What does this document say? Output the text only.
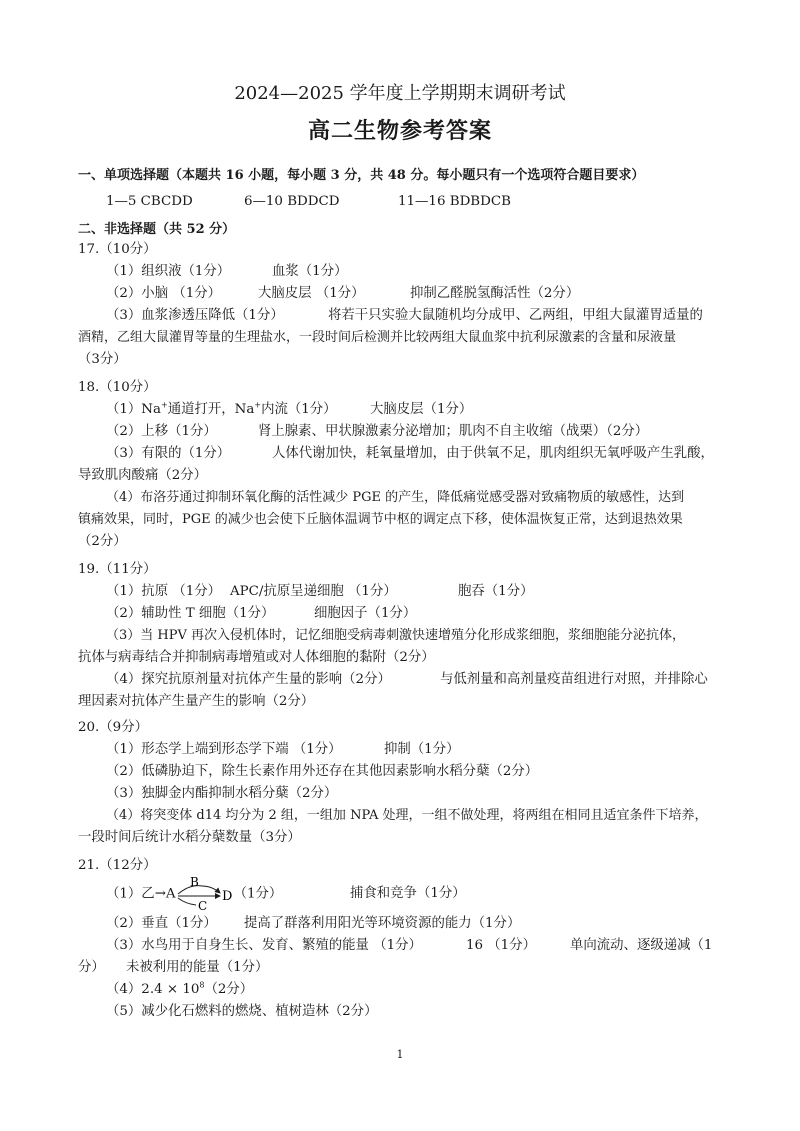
2024—2025 学年度上学期期末调研考试
高二生物参考答案
一、单项选择题（本题共 16 小题，每小题 3 分，共 48 分。每小题只有一个选项符合题目要求）
1—5 CBCDD	6—10 BDDCD	11—16 BDBDCB
二、非选择题（共 52 分）
17.（10分）
（1）组织液（1分）	血浆（1分）
（2）小脑 （1分）	大脑皮层 （1分）	抑制乙醛脱氢酶活性（2分）
（3）血浆渗透压降低（1分）	将若干只实验大鼠随机均分成甲、乙两组，甲组大鼠灌胃适量的
酒精，乙组大鼠灌胃等量的生理盐水，一段时间后检测并比较两组大鼠血浆中抗利尿激素的含量和尿液量
（3分）
18.（10分）
（1）Na+通道打开，Na+内流（1分） 大脑皮层（1分）
（2）上移（1分）	肾上腺素、甲状腺激素分泌增加；肌肉不自主收缩（战栗）（2分）
（3）有限的（1分）	人体代谢加快，耗氧量增加，由于供氧不足，肌肉组织无氧呼吸产生乳酸，
导致肌肉酸痛（2分）
（4）布洛芬通过抑制环氧化酶的活性减少 PGE 的产生，降低痛觉感受器对致痛物质的敏感性，达到
镇痛效果，同时，PGE 的减少也会使下丘脑体温调节中枢的调定点下移，使体温恢复正常，达到退热效果
（2分）
19.（11分）
（1）抗原 （1分） APC/抗原呈递细胞 （1分）	胞吞（1分）
（2）辅助性 T 细胞（1分）	细胞因子（1分）
（3）当 HPV 再次入侵机体时，记忆细胞受病毒刺激快速增殖分化形成浆细胞，浆细胞能分泌抗体，
抗体与病毒结合并抑制病毒增殖或对人体细胞的黏附（2分）
（4）探究抗原剂量对抗体产生量的影响（2分）	与低剂量和高剂量疫苗组进行对照，并排除心
理因素对抗体产生量产生的影响（2分）
20.（9分）
（1）形态学上端到形态学下端 （1分）	抑制（1分）
（2）低磷胁迫下，除生长素作用外还存在其他因素影响水稻分蘖（2分）
（3）独脚金内酯抑制水稻分蘖（2分）
（4）将突变体 d14 均分为 2 组，一组加 NPA 处理，一组不做处理，将两组在相同且适宜条件下培养，
一段时间后统计水稻分蘖数量（3分）
21.（12分）
（1）乙→A
B
C
D （1分）	捕食和竞争（1分）
（2）垂直（1分） 提高了群落利用阳光等环境资源的能力（1分）
（3）水鸟用于自身生长、发育、繁殖的能量 （1分）	16 （1分）	单向流动、逐级递减（1
分） 未被利用的能量（1分）
$(4)2.4 \times 10^8(2$分）
（5）减少化石燃料的燃烧、植树造林（2分）
1
